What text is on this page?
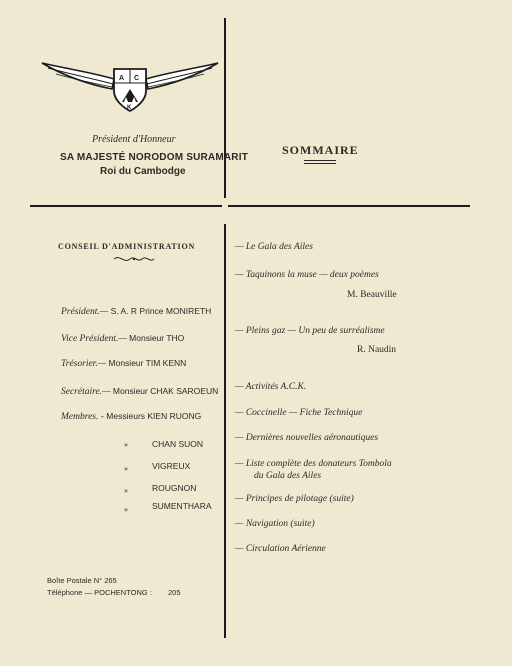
A C
K
Président d'Honneur
SA MAJESTÉ NORODOM SURAMARIT
Roi du Cambodge
SOMMAIRE
CONSEIL D'ADMINISTRATION
Président.— S. A. R Prince MONIRETH
Vice Président.— Monsieur THO
Trésorier.— Monsieur TIM KENN
Secrétaire.— Monsieur CHAK SAROEUN
Membres. - Messieurs KIEN RUONG
»	CHAN SUON
»	VIGREUX
»	ROUGNON
»	SUMENTHARA
Boîte Postale N° 265
Téléphone — POCHENTONG : 205
— Le Gala des Ailes
— Taquinons la muse — deux poèmes
M. Beauville
— Pleins gaz — Un peu de surréalisme
R. Naudin
— Activités A.C.K.
— Coccinelle — Fiche Technique
— Dernières nouvelles aéronautiques
— Liste complète des donateurs Tombola
du Gala des Ailes
— Principes de pilotage (suite)
— Navigation (suite)
— Circulation Aérienne
